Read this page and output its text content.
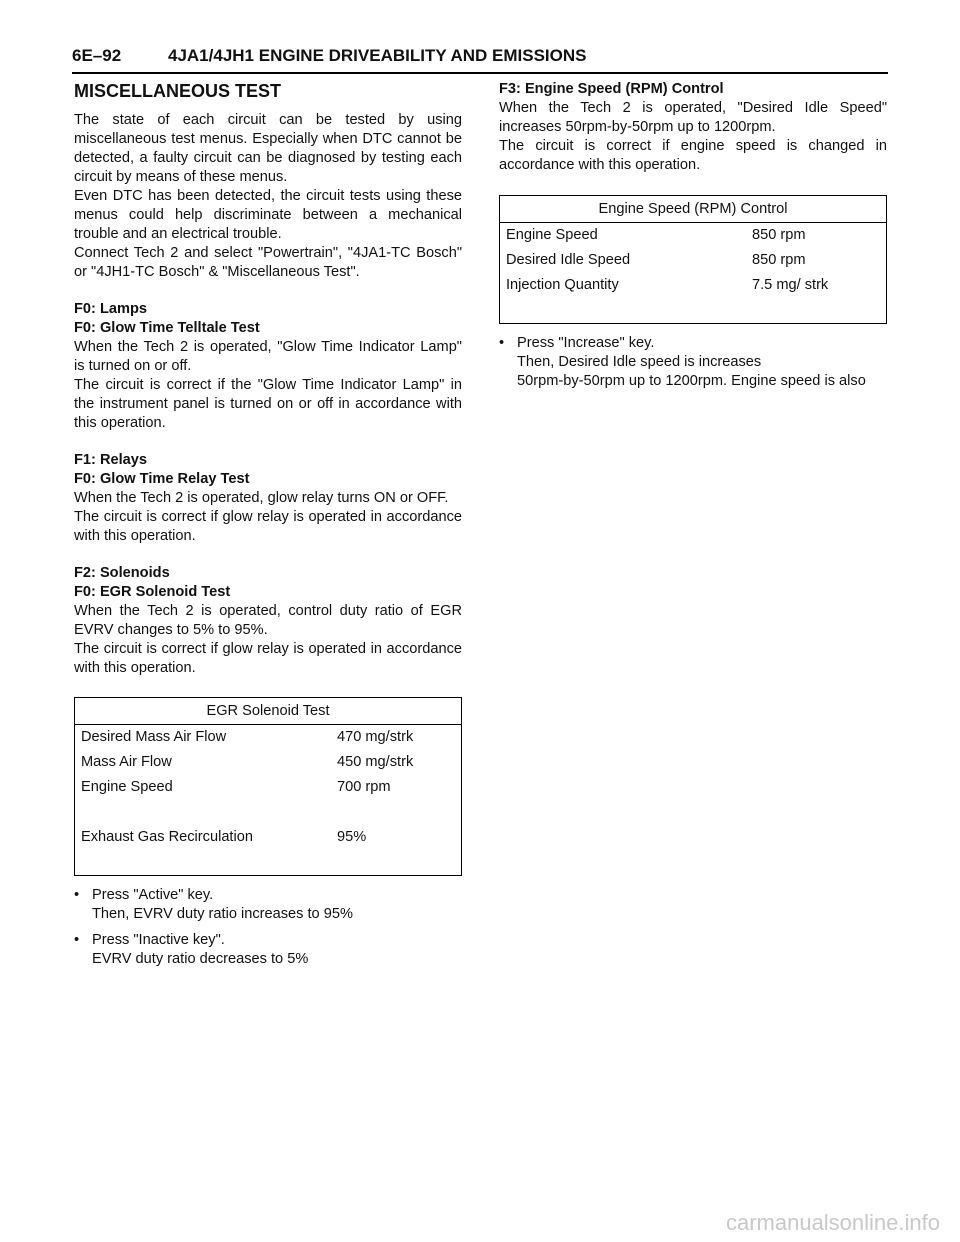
6E–92	4JA1/4JH1 ENGINE DRIVEABILITY AND EMISSIONS
MISCELLANEOUS TEST

The state of each circuit can be tested by using miscellaneous test menus. Especially when DTC cannot be detected, a faulty circuit can be diagnosed by testing each circuit by means of these menus.

Even DTC has been detected, the circuit tests using these menus could help discriminate between a mechanical trouble and an electrical trouble.

Connect Tech 2 and select "Powertrain", "4JA1-TC Bosch" or "4JH1-TC Bosch" & "Miscellaneous Test".

F0: Lamps
F0: Glow Time Telltale Test

When the Tech 2 is operated, "Glow Time Indicator Lamp" is turned on or off.

The circuit is correct if the "Glow Time Indicator Lamp" in the instrument panel is turned on or off in accordance with this operation.

F1: Relays
F0: Glow Time Relay Test

When the Tech 2 is operated, glow relay turns ON or OFF.

The circuit is correct if glow relay is operated in accordance with this operation.

F2: Solenoids
F0: EGR Solenoid Test

When the Tech 2 is operated, control duty ratio of EGR EVRV changes to 5% to 95%.

The circuit is correct if glow relay is operated in accordance with this operation.

EGR Solenoid Test
Desired Mass Air Flow	470 mg/strk
Mass Air Flow	450 mg/strk
Engine Speed	700 rpm
Exhaust Gas Recirculation	95%
• Press "Active" key.
Then, EVRV duty ratio increases to 95%
• Press "Inactive key".
EVRV duty ratio decreases to 5%
F3: Engine Speed (RPM) Control

When the Tech 2 is operated, "Desired Idle Speed" increases 50rpm-by-50rpm up to 1200rpm.

The circuit is correct if engine speed is changed in accordance with this operation.

Engine Speed (RPM) Control
Engine Speed	850 rpm
Desired Idle Speed	850 rpm
Injection Quantity	7.5 mg/ strk
• Press "Increase" key.
Then, Desired Idle speed is increases
50rpm-by-50rpm up to 1200rpm. Engine speed is also
carmanualsonline.info
